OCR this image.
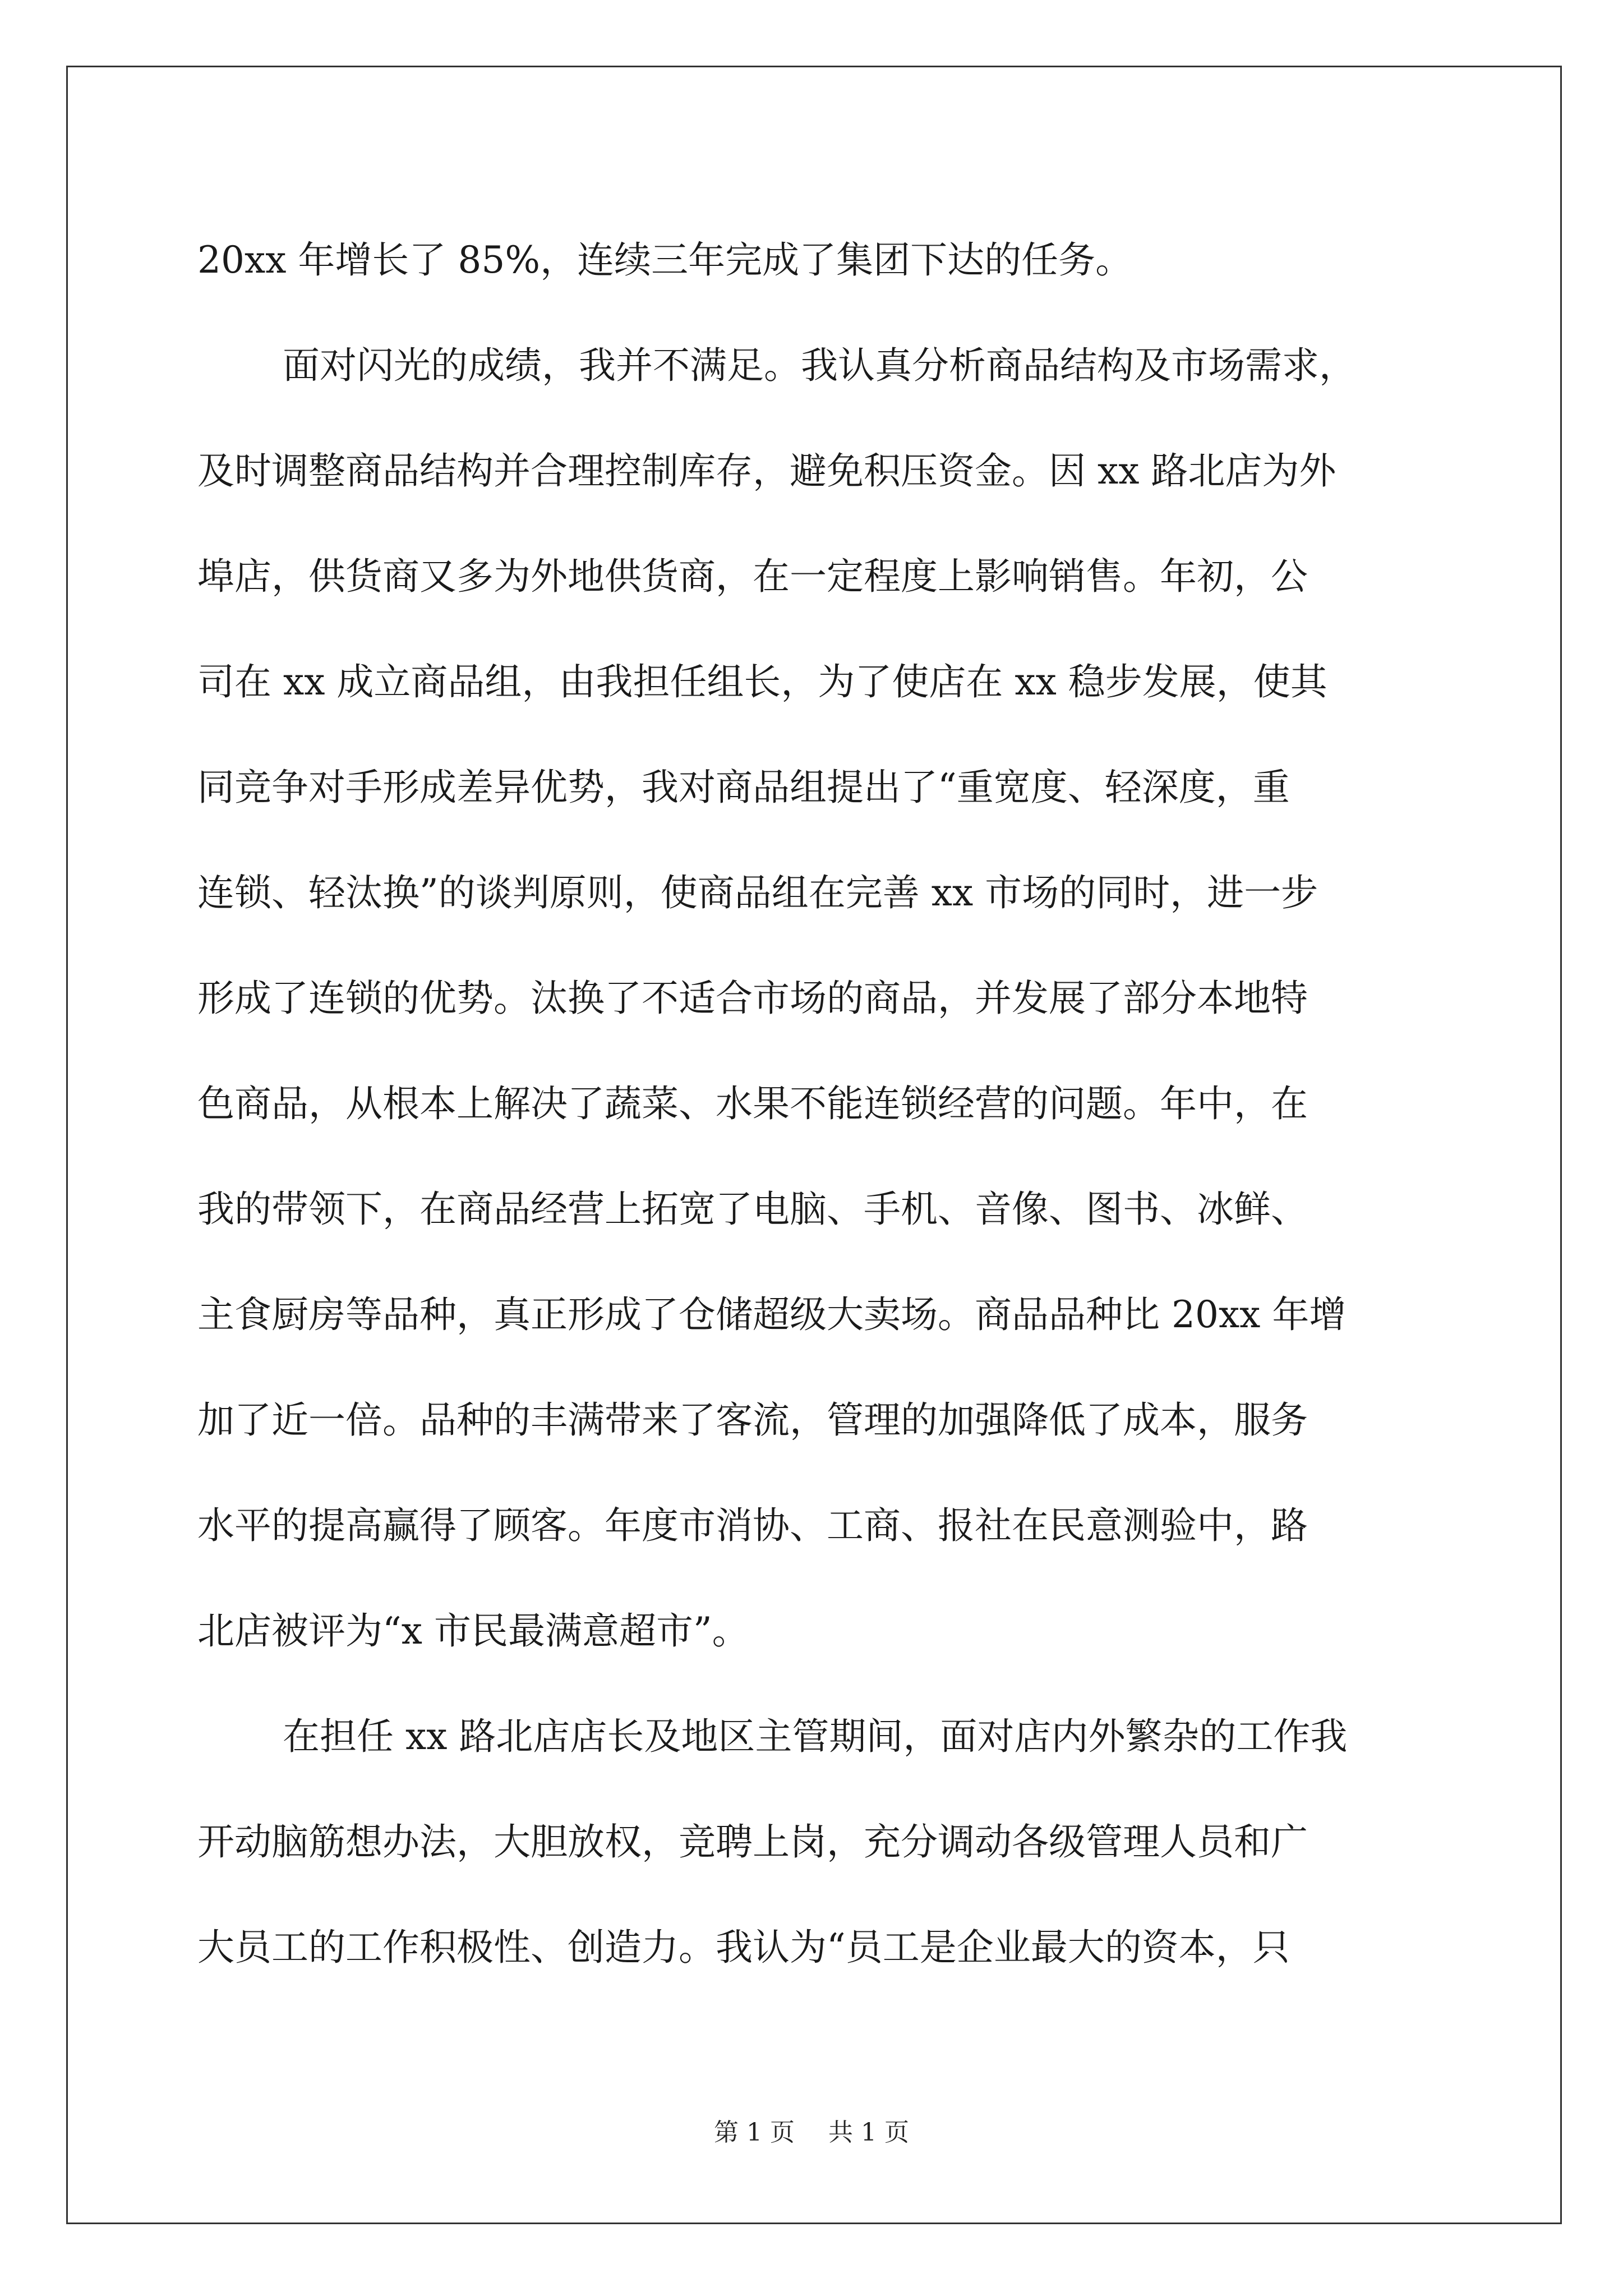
20xx 年增长了 85%，连续三年完成了集团下达的任务。
面对闪光的成绩，我并不满足。我认真分析商品结构及市场需求，
及时调整商品结构并合理控制库存，避免积压资金。因 xx 路北店为外
埠店，供货商又多为外地供货商，在一定程度上影响销售。年初，公
司在 xx 成立商品组，由我担任组长，为了使店在 xx 稳步发展，使其
同竞争对手形成差异优势，我对商品组提出了“重宽度、轻深度，重
连锁、轻汰换”的谈判原则，使商品组在完善 xx 市场的同时，进一步
形成了连锁的优势。汰换了不适合市场的商品，并发展了部分本地特
色商品，从根本上解决了蔬菜、水果不能连锁经营的问题。年中，在
我的带领下，在商品经营上拓宽了电脑、手机、音像、图书、冰鲜、
主食厨房等品种，真正形成了仓储超级大卖场。商品品种比 20xx 年增
加了近一倍。品种的丰满带来了客流，管理的加强降低了成本，服务
水平的提高赢得了顾客。年度市消协、工商、报社在民意测验中，路
北店被评为“x 市民最满意超市”。
在担任 xx 路北店店长及地区主管期间，面对店内外繁杂的工作我
开动脑筋想办法，大胆放权，竞聘上岗，充分调动各级管理人员和广
大员工的工作积极性、创造力。我认为“员工是企业最大的资本，只
第 1 页 共 1 页
